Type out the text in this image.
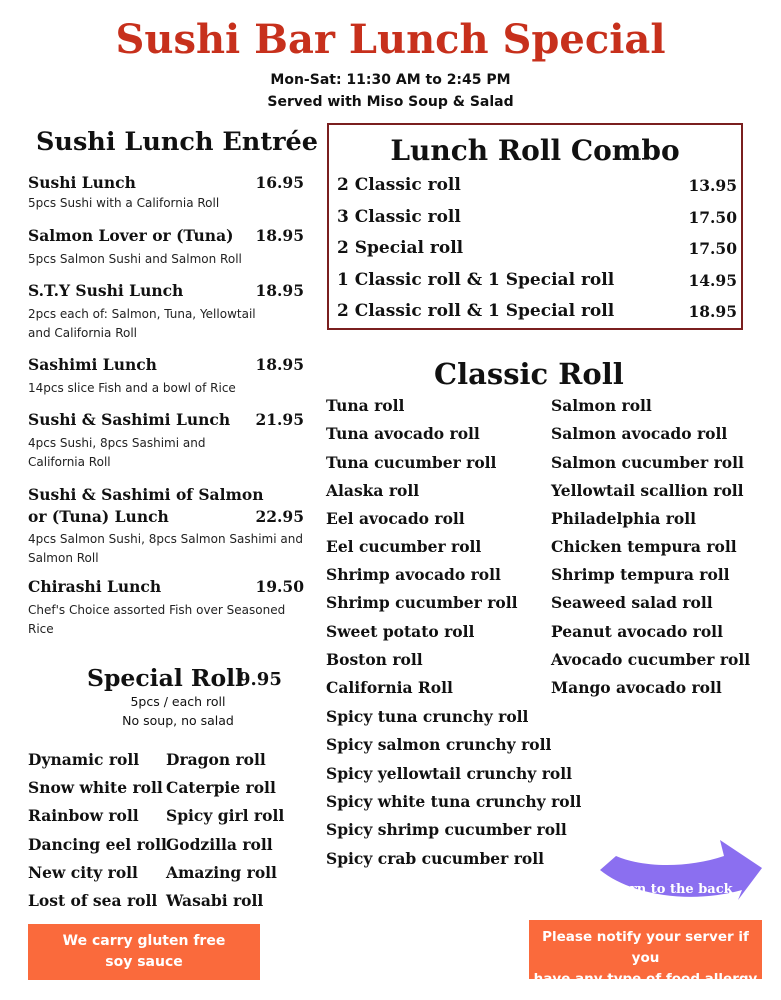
Sushi Bar Lunch Special
Mon-Sat: 11:30 AM to 2:45 PM
Served with Miso Soup & Salad
Sushi Lunch Entrée
Sushi Lunch	16.95
5pcs Sushi with a California Roll
Salmon Lover or (Tuna)	18.95
5pcs Salmon Sushi and Salmon Roll
S.T.Y Sushi Lunch	18.95
2pcs each of: Salmon, Tuna, Yellowtail
and California Roll
Sashimi Lunch	18.95
14pcs slice Fish and a bowl of Rice
Sushi & Sashimi Lunch	21.95
4pcs Sushi, 8pcs Sashimi and
California Roll
Sushi & Sashimi of Salmon
or (Tuna) Lunch	22.95
4pcs Salmon Sushi, 8pcs Salmon Sashimi and
Salmon Roll
Chirashi Lunch	19.50
Chef's Choice assorted Fish over Seasoned
Rice
Lunch Roll Combo
2 Classic roll	13.95
3 Classic roll	17.50
2 Special roll	17.50
1 Classic roll & 1 Special roll	14.95
2 Classic roll & 1 Special roll	18.95
Classic Roll
Tuna roll
Tuna avocado roll
Tuna cucumber roll
Alaska roll
Eel avocado roll
Eel cucumber roll
Shrimp avocado roll
Shrimp cucumber roll
Sweet potato roll
Boston roll
California Roll
Spicy tuna crunchy roll
Spicy salmon crunchy roll
Spicy yellowtail crunchy roll
Spicy white tuna crunchy roll
Spicy shrimp cucumber roll
Spicy crab cucumber roll
Salmon roll
Salmon avocado roll
Salmon cucumber roll
Yellowtail scallion roll
Philadelphia roll
Chicken tempura roll
Shrimp tempura roll
Seaweed salad roll
Peanut avocado roll
Avocado cucumber roll
Mango avocado roll
Special Roll
9.95
5pcs / each roll
No soup, no salad
Dynamic roll
Snow white roll
Rainbow roll
Dancing eel roll
New city roll
Lost of sea roll
Dragon roll
Caterpie roll
Spicy girl roll
Godzilla roll
Amazing roll
Wasabi roll
We carry gluten free
soy sauce
Turn to the back
Please notify your server if you
have any type of food allergy
